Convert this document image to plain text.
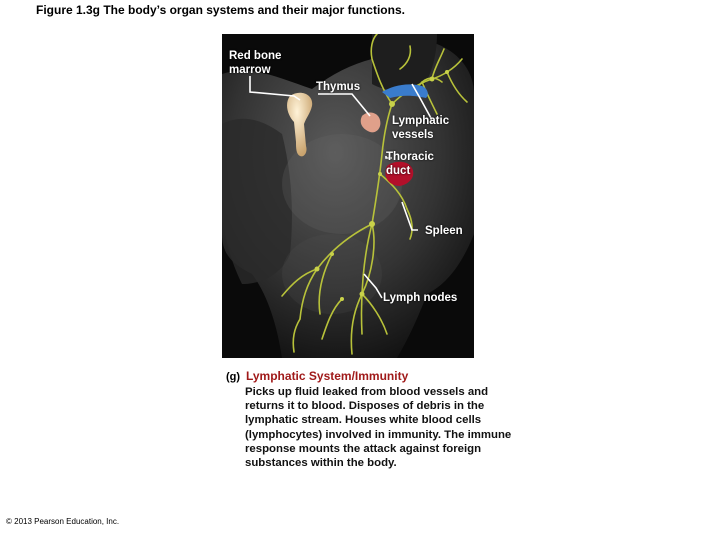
Figure 1.3g The body’s organ systems and their major functions.
Red bone
marrow
Thymus
Lymphatic
vessels
Thoracic
duct
Spleen
Lymph nodes
(g) Lymphatic System/Immunity
Picks up fluid leaked from blood vessels and returns it to blood. Disposes of debris in the lymphatic stream. Houses white blood cells (lymphocytes) involved in immunity. The immune response mounts the attack against foreign substances within the body.
© 2013 Pearson Education, Inc.
